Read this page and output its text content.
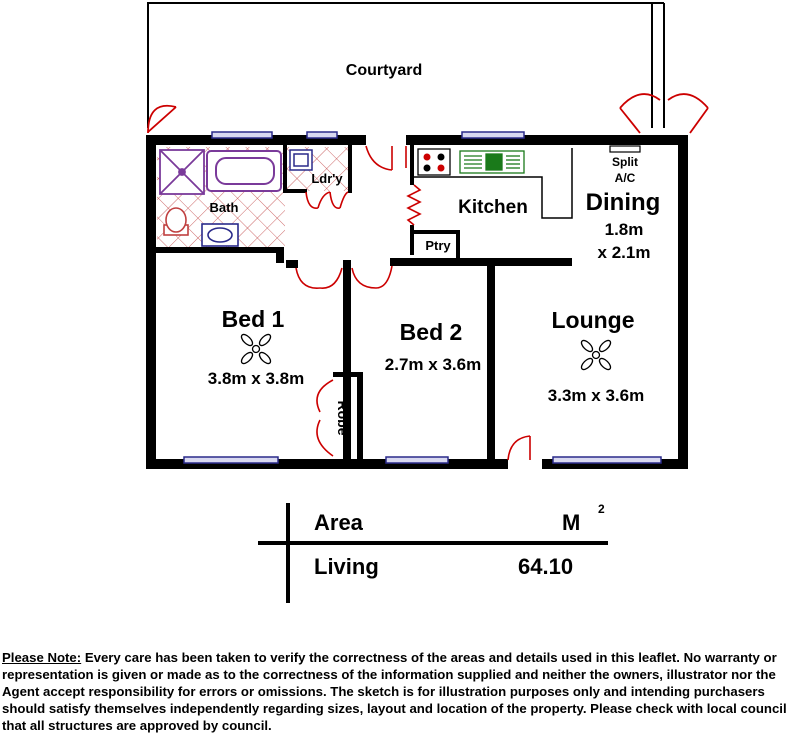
Courtyard
Bath
Ldr'y
Kitchen
Ptry
Split
A/C
Dining
1.8m
x 2.1m
Bed 1
3.8m x 3.8m
Robe
Bed 2
2.7m x 3.6m
Lounge
3.3m x 3.6m
Area	M
2
Living	64.10
Please Note: Every care has been taken to verify the correctness of the areas and details used in this leaflet. No warranty or representation is given or made as to the correctness of the information supplied and neither the owners, illustrator nor the Agent accept responsibility for errors or omissions. The sketch is for illustration purposes only and intending purchasers should satisfy themselves independently regarding sizes, layout and location of the property. Please check with local council that all structures are approved by council.
